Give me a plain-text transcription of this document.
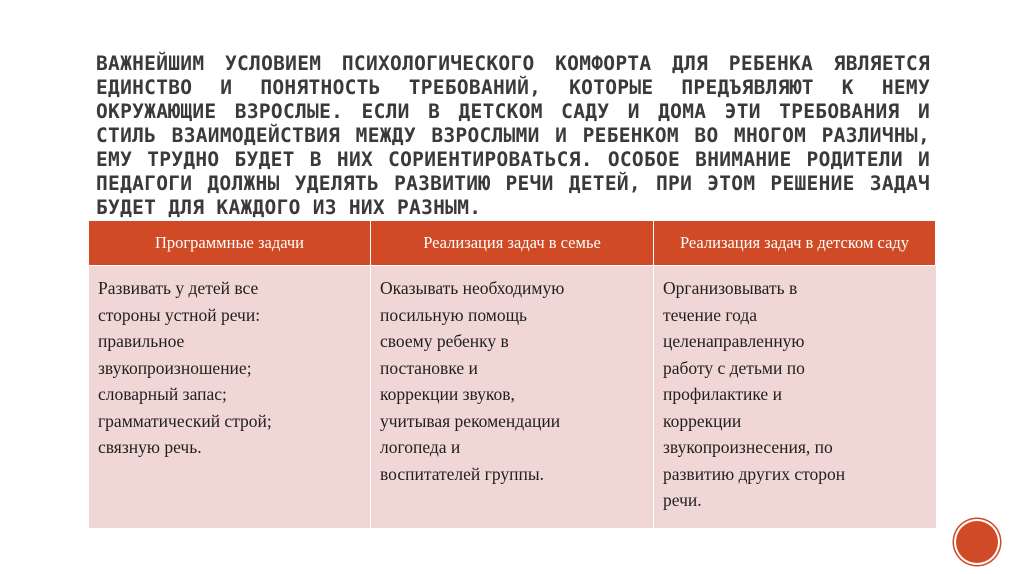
ВАЖНЕЙШИМ УСЛОВИЕМ ПСИХОЛОГИЧЕСКОГО КОМФОРТА ДЛЯ РЕБЕНКА ЯВЛЯЕТСЯ ЕДИНСТВО И ПОНЯТНОСТЬ ТРЕБОВАНИЙ, КОТОРЫЕ ПРЕДЪЯВЛЯЮТ К НЕМУ ОКРУЖАЮЩИЕ ВЗРОСЛЫЕ. ЕСЛИ В ДЕТСКОМ САДУ И ДОМА ЭТИ ТРЕБОВАНИЯ И СТИЛЬ ВЗАИМОДЕЙСТВИЯ МЕЖДУ ВЗРОСЛЫМИ И РЕБЕНКОМ ВО МНОГОМ РАЗЛИЧНЫ, ЕМУ ТРУДНО БУДЕТ В НИХ СОРИЕНТИРОВАТЬСЯ. ОСОБОЕ ВНИМАНИЕ РОДИТЕЛИ И ПЕДАГОГИ ДОЛЖНЫ УДЕЛЯТЬ РАЗВИТИЮ РЕЧИ ДЕТЕЙ, ПРИ ЭТОМ РЕШЕНИЕ ЗАДАЧ БУДЕТ ДЛЯ КАЖДОГО ИЗ НИХ РАЗНЫМ.
Программные задачи	Реализация задач в семье	Реализация задач в детском саду
Развивать у детей все
стороны устной речи:
правильное
звукопроизношение;
словарный запас;
грамматический строй;
связную речь.
Оказывать необходимую
посильную помощь
своему ребенку в
постановке и
коррекции звуков,
учитывая рекомендации
логопеда и
воспитателей группы.
Организовывать в
течение года
целенаправленную
работу с детьми по
профилактике и
коррекции
звукопроизнесения, по
развитию других сторон
речи.
